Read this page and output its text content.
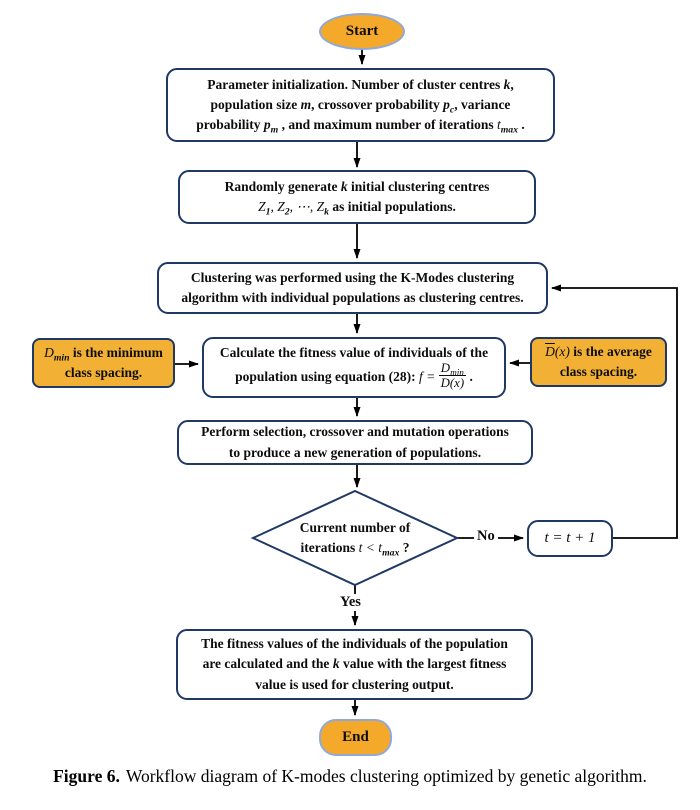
Start
Parameter initialization. Number of cluster centres k,
population size m, crossover probability $p_c$, variance
probability $p_m$ , and maximum number of iterations $t_{max}$ .
Randomly generate k initial clustering centres
$Z_1$, $Z_2$, ⋯, $Z_k$ as initial populations.
Clustering was performed using the K-Modes clustering
algorithm with individual populations as clustering centres.
$D_{min}$ is the minimum
class spacing.
Calculate the fitness value of individuals of the
population using equation (28): $f = \frac{D_{min}}{\overline{D}(x)}$ .
$\overline{D}(x)$ is the average
class spacing.
Perform selection, crossover and mutation operations
to produce a new generation of populations.
Current number of
iterations $t < t_{max}$ ?
No	t = t + 1
Yes
The fitness values of the individuals of the population
are calculated and the k value with the largest fitness
value is used for clustering output.
End
Figure 6. Workflow diagram of K-modes clustering optimized by genetic algorithm.
